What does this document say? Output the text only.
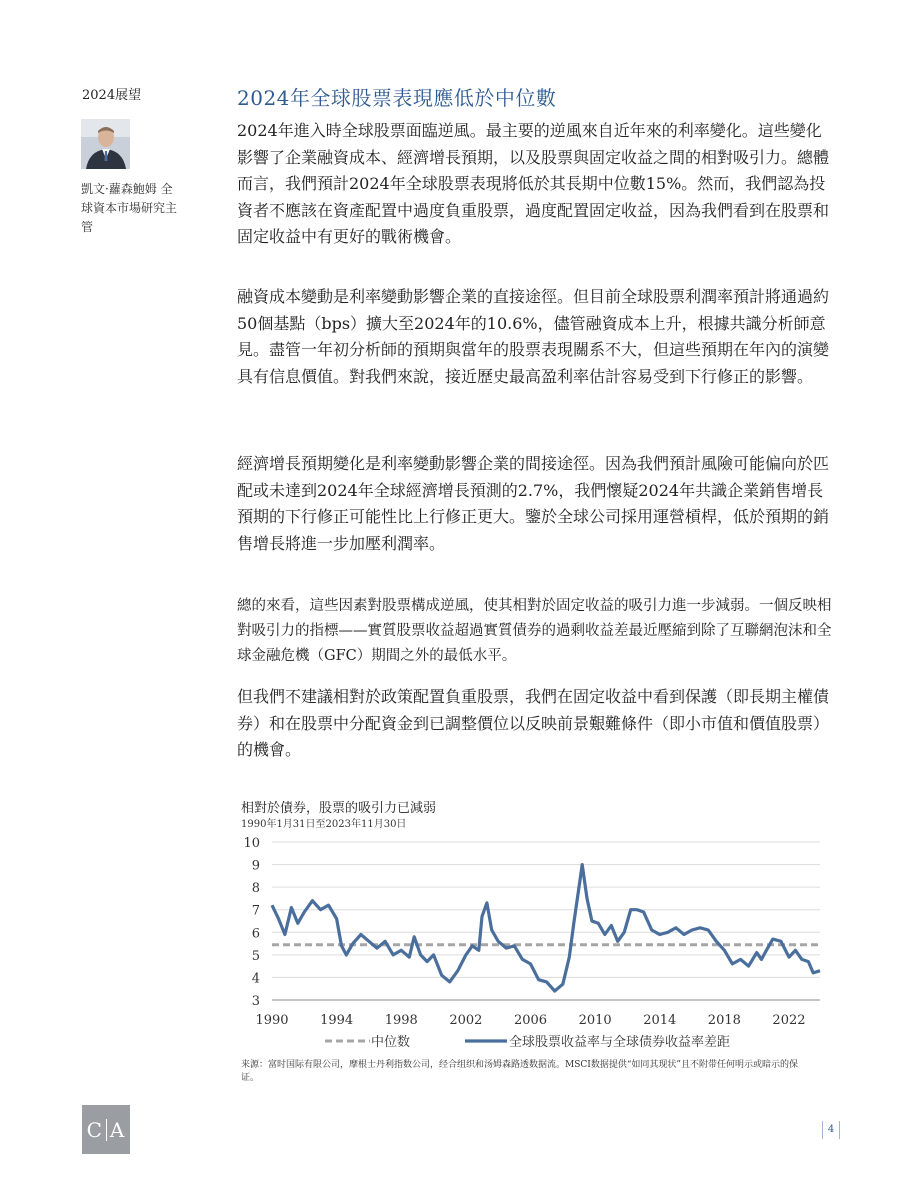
2024展望
凱文·蘿森鮑姆 全球資本市場研究主管
2024年全球股票表現應低於中位數

2024年進入時全球股票面臨逆風。最主要的逆風來自近年來的利率變化。這些變化影響了企業融資成本、經濟增長預期，以及股票與固定收益之間的相對吸引力。總體而言，我們預計2024年全球股票表現將低於其長期中位數15%。然而，我們認為投資者不應該在資產配置中過度負重股票，過度配置固定收益，因為我們看到在股票和固定收益中有更好的戰術機會。

融資成本變動是利率變動影響企業的直接途徑。但目前全球股票利潤率預計將通過約50個基點（bps）擴大至2024年的10.6%，儘管融資成本上升，根據共識分析師意見。盡管一年初分析師的預期與當年的股票表現關系不大，但這些預期在年內的演變具有信息價值。對我們來說，接近歷史最高盈利率估計容易受到下行修正的影響。

經濟增長預期變化是利率變動影響企業的間接途徑。因為我們預計風險可能偏向於匹配或未達到2024年全球經濟增長預測的2.7%，我們懷疑2024年共識企業銷售增長預期的下行修正可能性比上行修正更大。鑒於全球公司採用運營槓桿，低於預期的銷售增長將進一步加壓利潤率。

總的來看，這些因素對股票構成逆風，使其相對於固定收益的吸引力進一步減弱。一個反映相對吸引力的指標——實質股票收益超過實質債券的過剩收益差最近壓縮到除了互聯網泡沫和全球金融危機（GFC）期間之外的最低水平。

但我們不建議相對於政策配置負重股票，我們在固定收益中看到保護（即長期主權債券）和在股票中分配資金到已調整價位以反映前景艱難條件（即小市值和價值股票）的機會。

相對於債券，股票的吸引力已減弱
1990年1月31日至2023年11月30日
3
4
5
6
7
8
9
10
1990 1994 1998 2002 2006 2010 2014 2018 2022
中位数	全球股票收益率与全球债券收益率差距
来源：富时国际有限公司，摩根士丹利指数公司，经合组织和汤姆森路透数据流。MSCI数据提供“如同其现状”且不附带任何明示或暗示的保证。
C A	4
